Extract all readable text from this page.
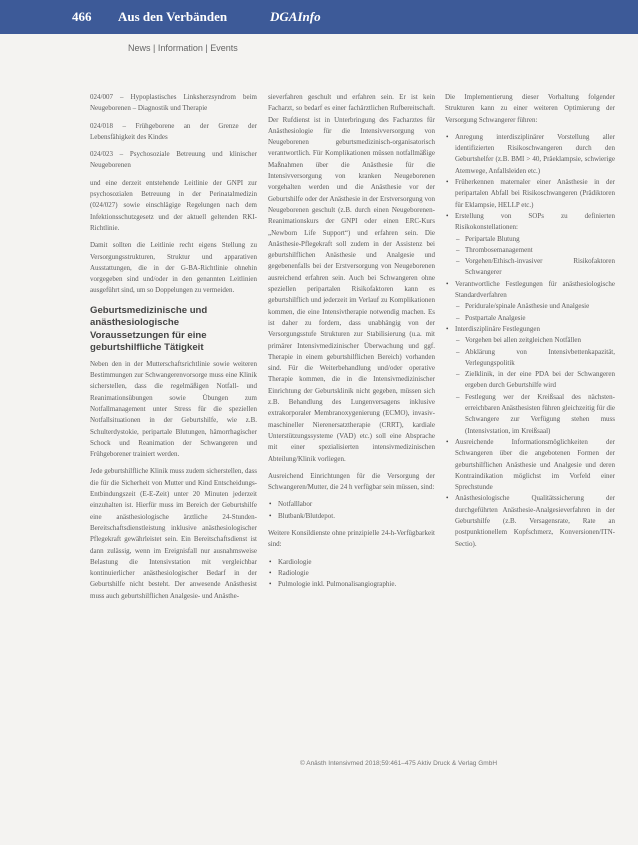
466 Aus den Verbänden	DGAInfo
News | Information | Events

024/007 – Hypoplastisches Linksherzsyndrom beim Neugeborenen – Diagnostik und Therapie

024/018 – Frühgeborene an der Grenze der Lebensfähigkeit des Kindes

024/023 – Psychosoziale Betreuung und klinischer Neugeborenen

und eine derzeit entstehende Leitlinie der GNPI zur psychosozialen Betreuung in der Perinatalmedizin (024/027) sowie einschlägige Regelungen nach dem Infektionsschutzgesetz und der aktuell geltenden RKI-Richtlinie.

Damit sollten die Leitlinie recht eigens Stellung zu Versorgungsstrukturen, Struktur und apparativen Ausstattungen, die in der G-BA-Richtlinie ohnehin vorgegeben sind und/oder in den genannten Leitlinien ausgeführt sind, um so Doppelungen zu vermeiden.

Geburtsmedizinische und anästhesiologische Voraussetzungen für eine geburtshilfliche Tätigkeit

Neben den in der Mutterschaftsrichtlinie sowie weiteren Bestimmungen zur Schwangerenvorsorge muss eine Klinik sicherstellen, dass die regelmäßigen Notfall- und Reanimationsübungen sowie Übungen zum Notfallmanagement unter Stress für die speziellen Notfallsituationen in der Geburtshilfe, wie z.B. Schulterdystokie, peripartale Blutungen, hämorrhagischer Schock und Reanimation der Schwangeren und Frühgeborener trainiert werden.

Jede geburtshilfliche Klinik muss zudem sicherstellen, dass die für die Sicherheit von Mutter und Kind Entscheidungs-Entbindungszeit (E-E-Zeit) unter 20 Minuten jederzeit einzuhalten ist. Hierfür muss im Bereich der Geburtshilfe eine anästhesiologische ärztliche 24-Stunden-Bereitschaftsdienstleistung inklusive anästhesiologischer Pflegekraft gewährleistet sein. Ein Bereitschaftsdienst ist dann zulässig, wenn im Ereignisfall nur ausnahmsweise Belastung die Intensivstation mit vergleichbar kontinuierlicher anästhesiologischer Bedarf in der Geburtshilfe nicht besteht. Der anwesende Anästhesist muss auch geburtshilflichen Analgesie- und Anästhe-

sieverfahren geschult und erfahren sein. Er ist kein Facharzt, so bedarf es einer fachärztlichen Rufbereitschaft. Der Rufdienst ist in Unterbringung des Facharztes für Anästhesiologie für die Intensivversorgung von Neugeborenen geburtsmedizinisch-organisatorisch verantwortlich. Für Komplikationen müssen notfallmäßige Maßnahmen über die Anästhesie für die Intensivversorgung von kranken Neugeborenen vorgehalten werden und die Anästhesie vor der Geburtshilfe oder der Anästhesie in der Erstversorgung von Neugeborenen geschult (z.B. durch einen Neugeborenen-Reanimationskurs der GNPI oder einen ERC-Kurs „Newborn Life Support“) und erfahren sein. Die Anästhesie-Pflegekraft soll zudem in der Assistenz bei geburtshilflichen Anästhesie und Analgesie und gegebenenfalls bei der Erstversorgung von Neugeborenen ausreichend erfahren sein. Auch bei Schwangeren ohne speziellen peripartalen Risikofaktoren kann es geburtshilflich und jederzeit im Verlauf zu Komplikationen kommen, die eine Intensivtherapie notwendig machen. Es ist daher zu fordern, dass unabhängig von der Versorgungsstufe Strukturen zur Stabilisierung (u.a. mit primärer Intensivmedizinischer Überwachung und ggf. Therapie in einem geburtshilflichen Bereich) vorhanden sind. Für die Weiterbehandlung und/oder operative Therapie kommen, die in die Intensivmedizinischer Einrichtung der Geburtsklinik nicht gegeben, müssen sich z.B. Behandlung des Lungenversagens inklusive extrakorporaler Membranoxygenierung (ECMO), invasiv-maschineller Nierenersatztherapie (CRRT), kardiale Unterstützungssysteme (VAD) etc.) soll eine Absprache mit einer spezialisierten intensivmedizinischen Abteilung/Klinik vorliegen.

Ausreichend Einrichtungen für die Versorgung der Schwangeren/Mutter, die 24 h verfügbar sein müssen, sind:

• Notfalllabor
• Blutbank/Blutdepot.

Weitere Konsildienste ohne prinzipielle 24-h-Verfügbarkeit sind:

• Kardiologie
• Radiologie
• Pulmologie inkl. Pulmonalisangiographie.

Die Implementierung dieser Vorhaltung folgender Strukturen kann zu einer weiteren Optimierung der Versorgung Schwangerer führen:

• Anregung interdisziplinärer Vorstellung aller identifizierten Risikoschwangeren durch den Geburtshelfer (z.B. BMI > 40, Präeklampsie, schwierige Atemwege, Anfallsleiden etc.)
• Früherkennen maternaler einer Anästhesie in der peripartalen Abfall bei Risikoschwangeren (Prädiktoren für Eklampsie, HELLP etc.)
• Erstellung von SOPs zu definierten Risikokonstellationen:
– Peripartale Blutung
– Thrombosemanagement
– Vorgehen/Ethisch-invasiver Risikofaktoren Schwangerer
• Verantwortliche Festlegungen für anästhesiologische Standardverfahren
– Peridurale/spinale Anästhesie und Analgesie
– Postpartale Analgesie
• Interdisziplinäre Festlegungen
– Vorgehen bei allen zeitgleichen Notfällen
– Abklärung von Intensivbettenkapazität, Verlegungspolitik
– Zielklinik, in der eine PDA bei der Schwangeren ergeben durch Geburtshilfe wird
– Festlegung wer der Kreißsaal des nächsten-erreichbaren Anästhesisten führen gleichzeitig für die Schwangere zur Verfügung stehen muss (Intensivstation, im Kreißsaal)
• Ausreichende Informationsmöglichkeiten der Schwangeren über die angebotenen Formen der geburtshilflichen Anästhesie und Analgesie und deren Kontraindikation möglichst im Vorfeld einer Sprechstunde
• Anästhesiologische Qualitätssicherung der durchgeführten Anästhesie-Analgesieverfahren in der Geburtshilfe (z.B. Versagensrate, Rate an postpunktionellem Kopfschmerz, Konversionen/ITN-Sectio).
© Anästh Intensivmed 2018;59:461–475 Aktiv Druck & Verlag GmbH
